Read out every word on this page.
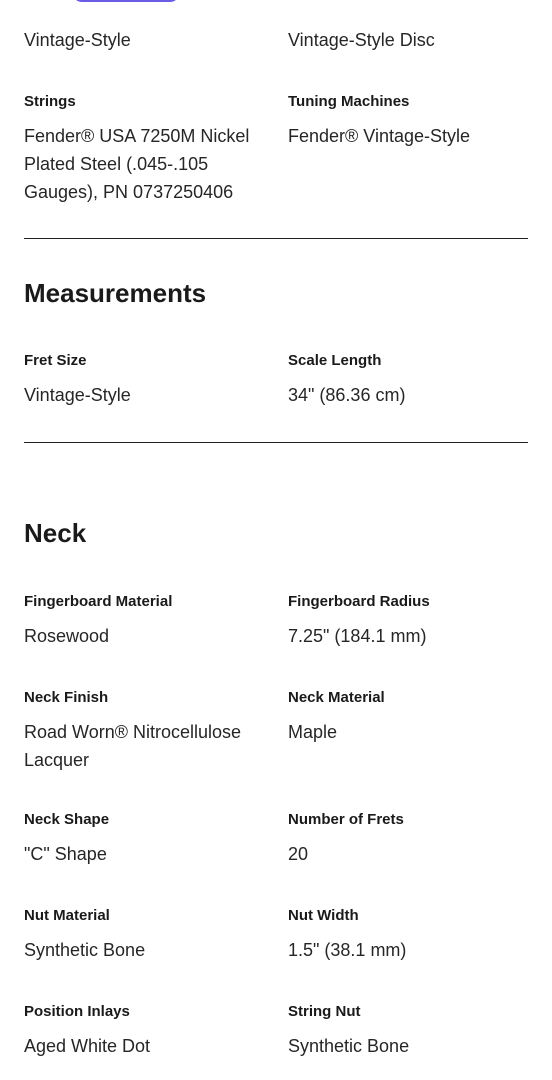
Vintage-Style	Vintage-Style Disc
Strings
Fender® USA 7250M Nickel Plated Steel (.045-.105 Gauges), PN 0737250406
Tuning Machines
Fender® Vintage-Style
Measurements
Fret Size
Vintage-Style
Scale Length
34" (86.36 cm)
Neck
Fingerboard Material
Rosewood
Fingerboard Radius
7.25" (184.1 mm)
Neck Finish
Road Worn® Nitrocellulose Lacquer
Neck Material
Maple
Neck Shape
"C" Shape
Number of Frets
20
Nut Material
Synthetic Bone
Nut Width
1.5" (38.1 mm)
Position Inlays
Aged White Dot
String Nut
Synthetic Bone
